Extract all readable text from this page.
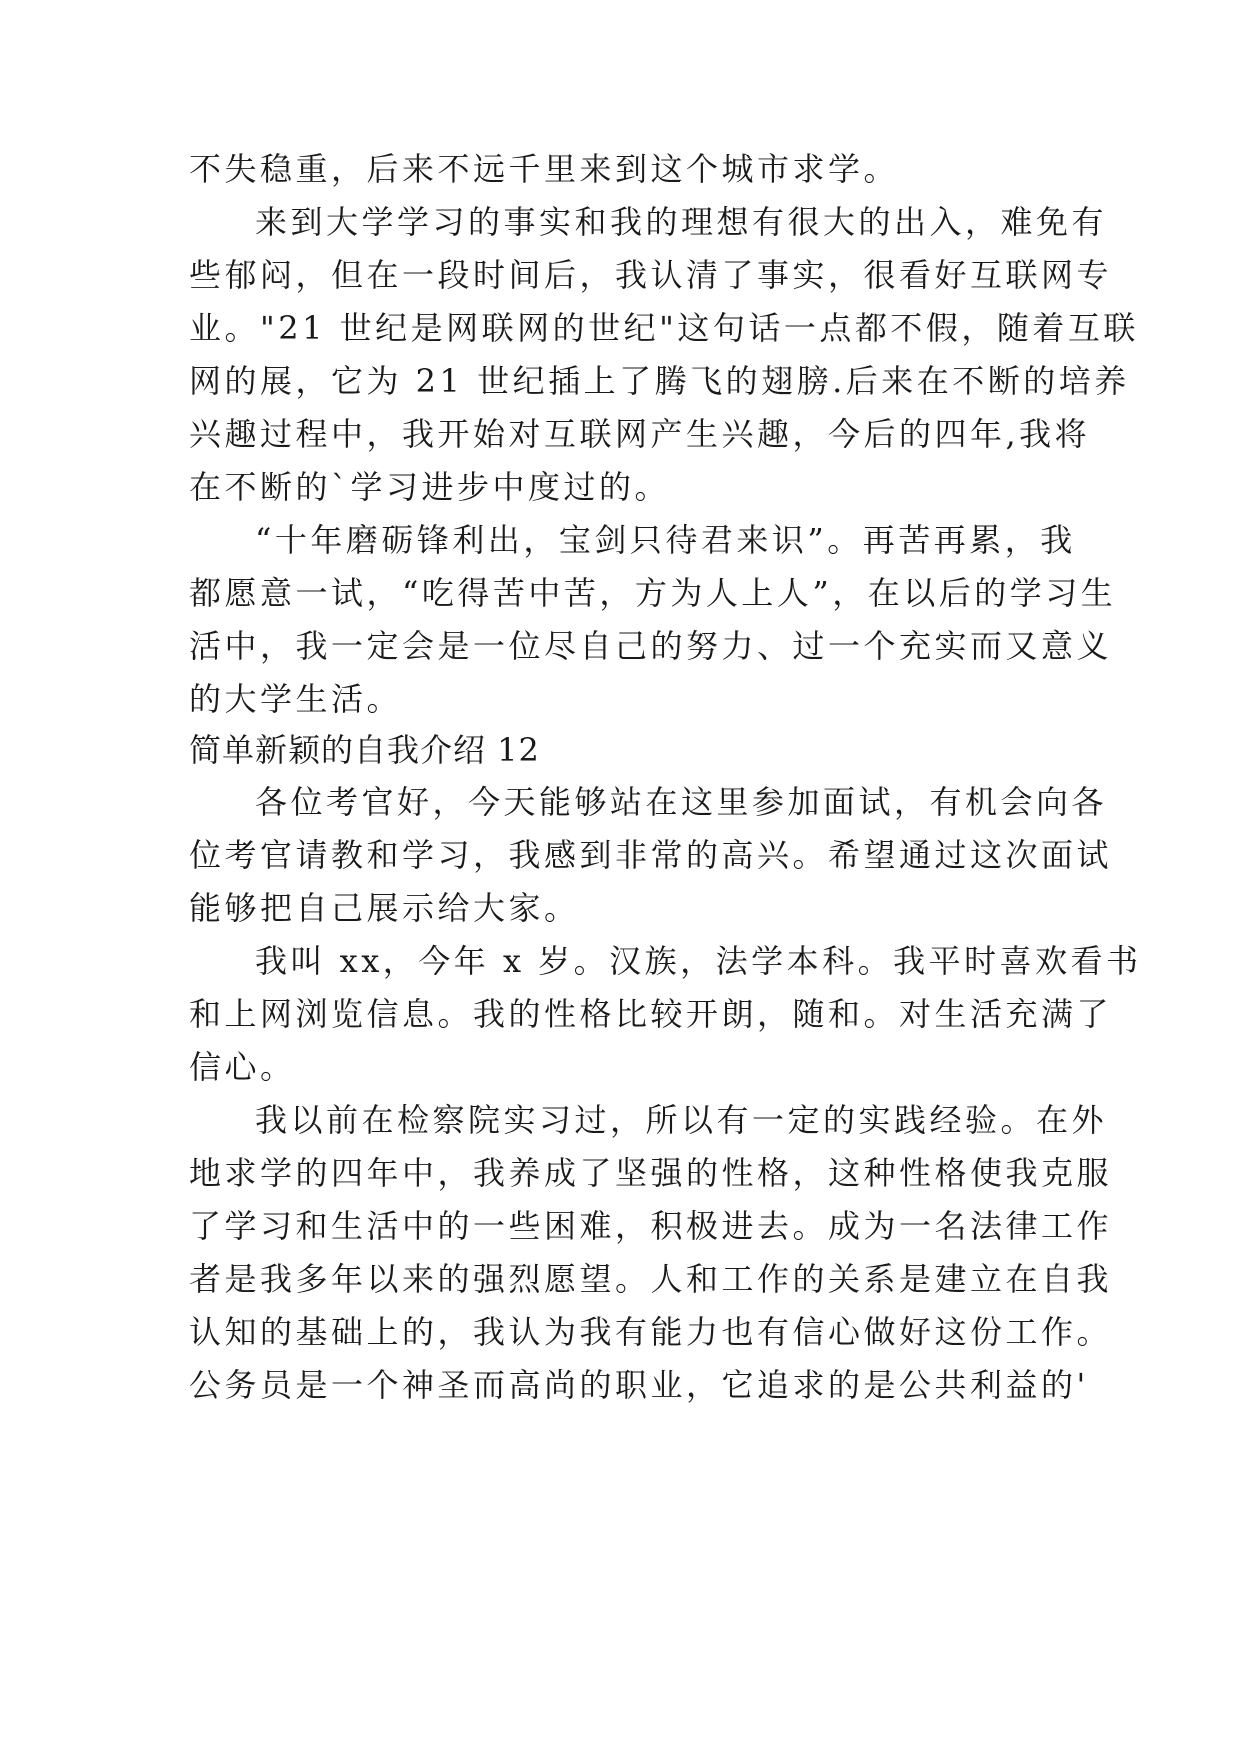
不失稳重，后来不远千里来到这个城市求学。
来到大学学习的事实和我的理想有很大的出入，难免有
些郁闷，但在一段时间后，我认清了事实，很看好互联网专
业。"21 世纪是网联网的世纪"这句话一点都不假，随着互联
网的展，它为 21 世纪插上了腾飞的翅膀.后来在不断的培养
兴趣过程中，我开始对互联网产生兴趣，今后的四年,我将
在不断的`学习进步中度过的。
“十年磨砺锋利出，宝剑只待君来识”。再苦再累，我
都愿意一试，“吃得苦中苦，方为人上人”，在以后的学习生
活中，我一定会是一位尽自己的努力、过一个充实而又意义
的大学生活。
简单新颖的自我介绍 12
各位考官好，今天能够站在这里参加面试，有机会向各
位考官请教和学习，我感到非常的高兴。希望通过这次面试
能够把自己展示给大家。
我叫 xx，今年 x 岁。汉族，法学本科。我平时喜欢看书
和上网浏览信息。我的性格比较开朗，随和。对生活充满了
信心。
我以前在检察院实习过，所以有一定的实践经验。在外
地求学的四年中，我养成了坚强的性格，这种性格使我克服
了学习和生活中的一些困难，积极进去。成为一名法律工作
者是我多年以来的强烈愿望。人和工作的关系是建立在自我
认知的基础上的，我认为我有能力也有信心做好这份工作。
公务员是一个神圣而高尚的职业，它追求的是公共利益的'
